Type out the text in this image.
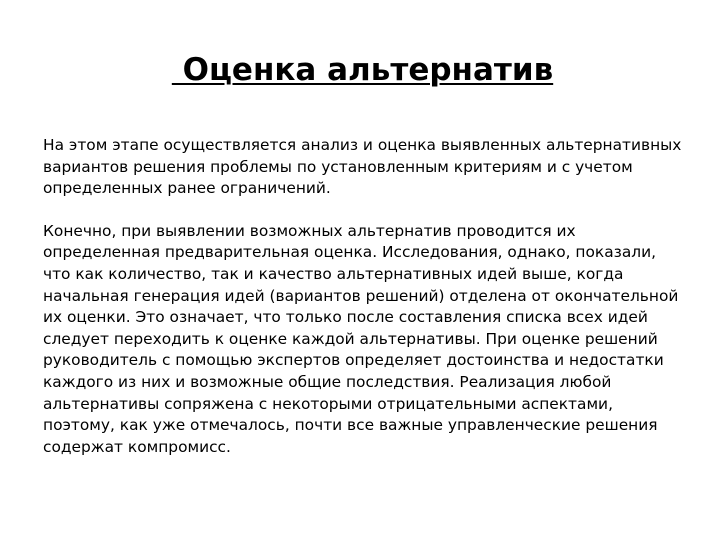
Оценка альтернатив

На этом этапе осуществляется анализ и оценка выявленных альтернативных вариантов решения проблемы по установленным критериям и с учетом определенных ранее ограничений.

Конечно, при выявлении возможных альтернатив проводится их определенная предварительная оценка. Исследования, однако, показали, что как количество, так и качество альтернативных идей выше, когда начальная генерация идей (вариантов решений) отделена от окончательной их оценки. Это означает, что только после составления списка всех идей следует переходить к оценке каждой альтернативы. При оценке решений руководитель с помощью экспертов определяет достоинства и недостатки каждого из них и возможные общие последствия. Реализация любой альтернативы сопряжена с некоторыми отрицательными аспектами, поэтому, как уже отмечалось, почти все важные управленческие решения содержат компромисс.
